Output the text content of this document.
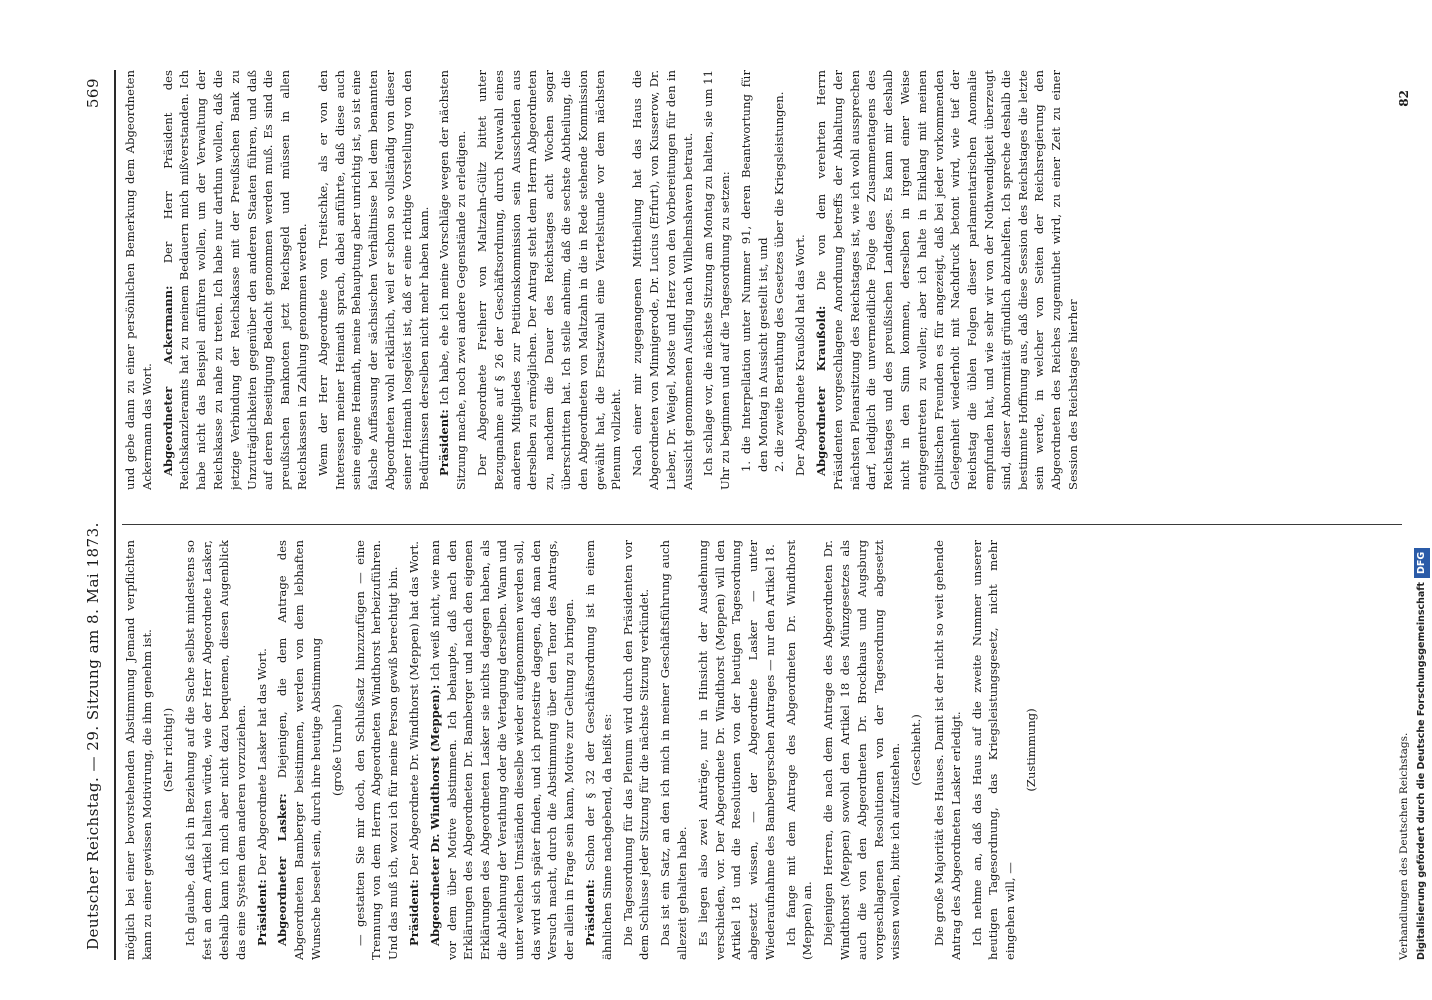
Deutscher Reichstag. — 29. Sitzung am 8. Mai 1873.
569

möglich bei einer bevorstehenden Abstimmung Jemand verpflichten kann zu einer gewissen Motivirung, die ihm genehm ist. (Sehr richtig!) Ich glaube, daß ich in Beziehung auf die Sache selbst mindestens so fest an dem Artikel halten würde, wie der Herr Abgeordnete Lasker, deshalb kann ich mich aber nicht dazu bequemen, diesen Augenblick das eine System dem anderen vorzuziehen. Präsident: Der Abgeordnete Lasker hat das Wort. Abgeordneter Lasker: Diejenigen, die dem Antrage des Abgeordneten Bamberger beistimmen, werden von dem lebhaften Wunsche beseelt sein, durch ihre heutige Abstimmung (große Unruhe) — gestatten Sie mir doch, den Schlußsatz hinzuzufügen — eine Trennung von dem Herrn Abgeordneten Windthorst herbeizuführen. Und das muß ich, wozu ich für meine Person gewiß berechtigt bin. Präsident: Der Abgeordnete Dr. Windthorst (Meppen) hat das Wort. Abgeordneter Dr. Windthorst (Meppen): Ich weiß nicht, wie man vor dem über Motive abstimmen. Ich behaupte, daß nach den Erklärungen des Abgeordneten Dr. Bamberger und nach den eigenen Erklärungen des Abgeordneten Lasker sie nichts dagegen haben, als die Ablehnung der Verathung oder die Vertagung derselben. Wann und unter welchen Umständen dieselbe wieder aufgenommen werden soll, das wird sich später finden, und ich protestire dagegen, daß man den Versuch macht, durch die Abstimmung über den Tenor des Antrags, der allein in Frage sein kann, Motive zur Geltung zu bringen. Präsident: Schon der § 32 der Geschäftsordnung ist in einem ähnlichen Sinne nachgebend, da heißt es: Die Tagesordnung für das Plenum wird durch den Präsidenten vor dem Schlusse jeder Sitzung für die nächste Sitzung verkündet. Das ist ein Satz, an den ich mich in meiner Geschäftsführung auch allezeit gehalten habe. Es liegen also zwei Anträge, nur in Hinsicht der Ausdehnung verschieden, vor. Der Abgeordnete Dr. Windthorst (Meppen) will den Artikel 18 und die Resolutionen von der heutigen Tagesordnung abgesetzt wissen, — der Abgeordnete Lasker — unter Wiederaufnahme des Bambergerschen Antrages — nur den Artikel 18. Ich fange mit dem Antrage des Abgeordneten Dr. Windthorst (Meppen) an. Diejenigen Herren, die nach dem Antrage des Abgeordneten Dr. Windthorst (Meppen) sowohl den Artikel 18 des Münzgesetzes als auch die von den Abgeordneten Dr. Brockhaus und Augsburg vorgeschlagenen Resolutionen von der Tagesordnung abgesetzt wissen wollen, bitte ich aufzustehen. (Geschieht.) Die große Majorität des Hauses. Damit ist der nicht so weit gehende Antrag des Abgeordneten Lasker erledigt. Ich nehme an, daß das Haus auf die zweite Nummer unserer heutigen Tagesordnung, das Kriegsleistungsgesetz, nicht mehr eingehen will, —

(Zustimmung)

und gebe dann zu einer persönlichen Bemerkung dem Abgeordneten Ackermann das Wort. Abgeordneter Ackermann: Der Herr Präsident des Reichskanzleramts hat zu meinem Bedauern mich mißverstanden. Ich habe nicht das Beispiel anführen wollen, um der Verwaltung der Reichskasse zu nahe zu treten. Ich habe nur darthun wollen, daß die jetzige Verbindung der Reichskasse mit der Preußischen Bank zu Unzuträglichkeiten gegenüber den anderen Staaten führen, und daß auf deren Beseitigung Bedacht genommen werden muß. Es sind die preußischen Banknoten jetzt Reichsgeld und müssen in allen Reichskassen in Zahlung genommen werden. Wenn der Herr Abgeordnete von Treitschke, als er von den Interessen meiner Heimath sprach, dabei anführte, daß diese auch seine eigene Heimath, meine Behauptung aber unrichtig ist, so ist eine falsche Auffassung der sächsischen Verhältnisse bei dem benannten Abgeordneten wohl erklärlich, weil er schon so vollständig von dieser seiner Heimath losgelöst ist, daß er eine richtige Vorstellung von den Bedürfnissen derselben nicht mehr haben kann. Präsident: Ich habe, ehe ich meine Vorschläge wegen der nächsten Sitzung mache, noch zwei andere Gegenstände zu erledigen. Der Abgeordnete Freiherr von Maltzahn-Gültz bittet unter Bezugnahme auf § 26 der Geschäftsordnung, durch Neuwahl eines anderen Mitgliedes zur Petitionskommission sein Ausscheiden aus derselben zu ermöglichen. Der Antrag steht dem Herrn Abgeordneten zu, nachdem die Dauer des Reichstages acht Wochen sogar überschritten hat. Ich stelle anheim, daß die sechste Abtheilung, die den Abgeordneten von Maltzahn in die in Rede stehende Kommission gewählt hat, die Ersatzwahl eine Viertelstunde vor dem nächsten Plenum vollzieht. Nach einer mir zugegangenen Mittheilung hat das Haus die Abgeordneten von Minnigerode, Dr. Lucius (Erfurt), von Kusserow, Dr. Lieber, Dr. Weigel, Moste und Herz von den Vorbereitungen für den in Aussicht genommenen Ausflug nach Wilhelmshaven betraut. Ich schlage vor, die nächste Sitzung am Montag zu halten, sie um 11 Uhr zu beginnen und auf die Tagesordnung zu setzen: 1. die Interpellation unter Nummer 91, deren Beantwortung für den Montag in Aussicht gestellt ist, und 2. die zweite Berathung des Gesetzes über die Kriegsleistungen. Der Abgeordnete Kraußold hat das Wort. Abgeordneter Kraußold: Die von dem verehrten Herrn Präsidenten vorgeschlagene Anordnung betreffs der Abhaltung der nächsten Plenarsitzung des Reichstages ist, wie ich wohl aussprechen darf, lediglich die unvermeidliche Folge des Zusammentagens des Reichstages und des preußischen Landtages. Es kann mir deshalb nicht in den Sinn kommen, derselben in irgend einer Weise entgegentreten zu wollen; aber ich halte in Einklang mit meinen politischen Freunden es für angezeigt, daß bei jeder vorkommenden Gelegenheit wiederholt mit Nachdruck betont wird, wie tief der Reichstag die üblen Folgen dieser parlamentarischen Anomalie empfunden hat, und wie sehr wir von der Nothwendigkeit überzeugt sind, dieser Abnormität gründlich abzuhelfen. Ich spreche deshalb die bestimmte Hoffnung aus, daß diese Session des Reichstages die letzte sein werde, in welcher von Seiten der Reichsregierung den Abgeordneten des Reiches zugemuthet wird, zu einer Zeit zu einer Session des Reichstages hierher

Verhandlungen des Deutschen Reichstags.
82
Digitalisierung gefördert durch die Deutsche ForschungsgemeinschaftDFG
